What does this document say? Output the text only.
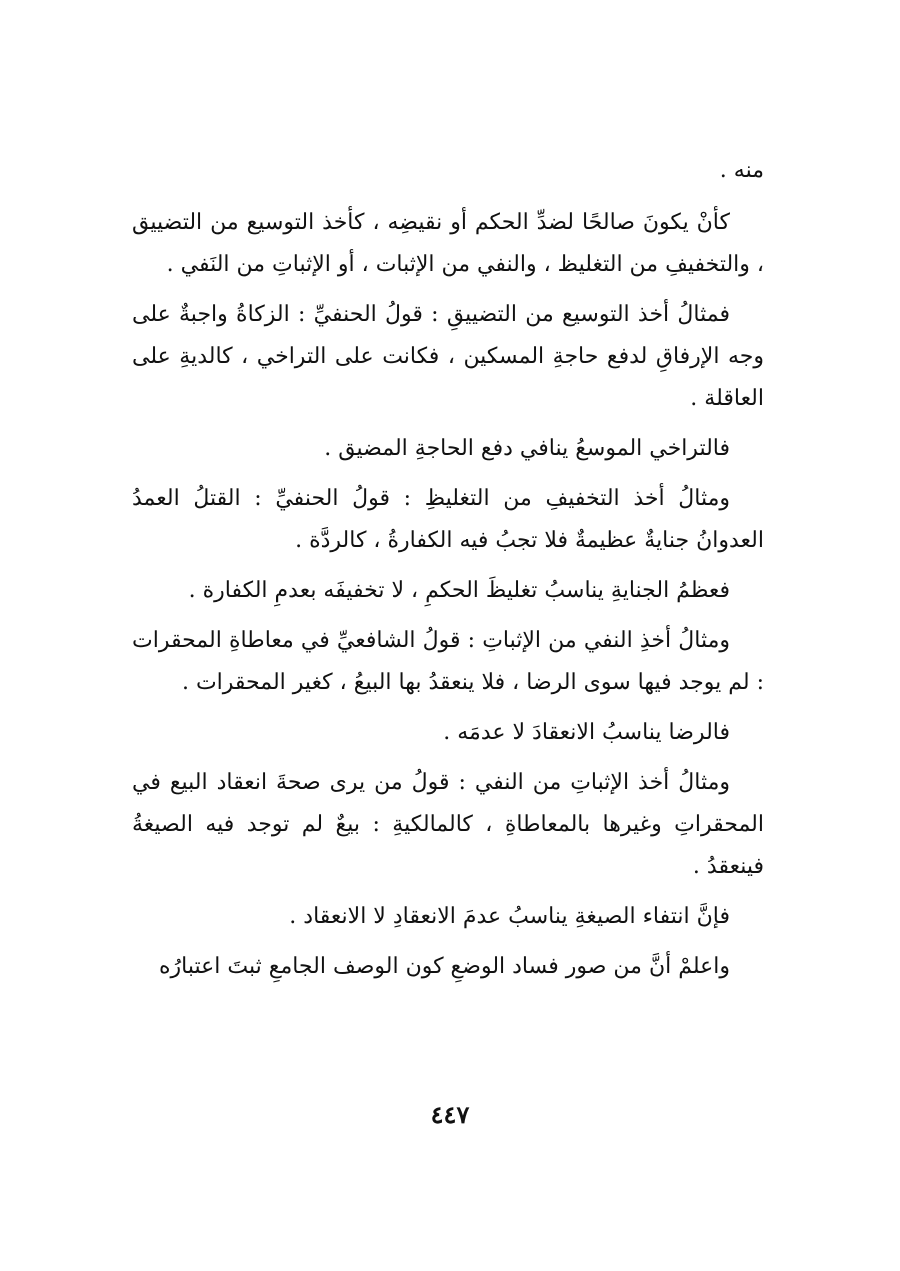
منه .

كأنْ يكونَ صالحًا لضدِّ الحكم أو نقيضِه ، كأخذ التوسيع من التضييق ، والتخفيفِ من التغليظ ، والنفي من الإثبات ، أو الإثباتِ من النَفي .

فمثالُ أخذ التوسيع من التضييقِ : قولُ الحنفيِّ : الزكاةُ واجبةٌ على وجه الإرفاقِ لدفع حاجةِ المسكين ، فكانت على التراخي ، كالديةِ على العاقلة .

فالتراخي الموسعُ ينافي دفع الحاجةِ المضيق .

ومثالُ أخذ التخفيفِ من التغليظِ : قولُ الحنفيِّ : القتلُ العمدُ العدوانُ جنايةٌ عظيمةٌ فلا تجبُ فيه الكفارةُ ، كالردَّة .

فعظمُ الجنايةِ يناسبُ تغليظَ الحكمِ ، لا تخفيفَه بعدمِ الكفارة .

ومثالُ أخذِ النفي من الإثباتِ : قولُ الشافعيِّ في معاطاةِ المحقرات : لم يوجد فيها سوى الرضا ، فلا ينعقدُ بها البيعُ ، كغير المحقرات .

فالرضا يناسبُ الانعقادَ لا عدمَه .

ومثالُ أخذ الإثباتِ من النفي : قولُ من يرى صحةَ انعقاد البيع في المحقراتِ وغيرها بالمعاطاةِ ، كالمالكيةِ : بيعٌ لم توجد فيه الصيغةُ فينعقدُ .

فإنَّ انتفاء الصيغةِ يناسبُ عدمَ الانعقادِ لا الانعقاد .

واعلمْ أنَّ من صور فساد الوضعِ كون الوصف الجامعِ ثبتَ اعتبارُه

٤٤٧
